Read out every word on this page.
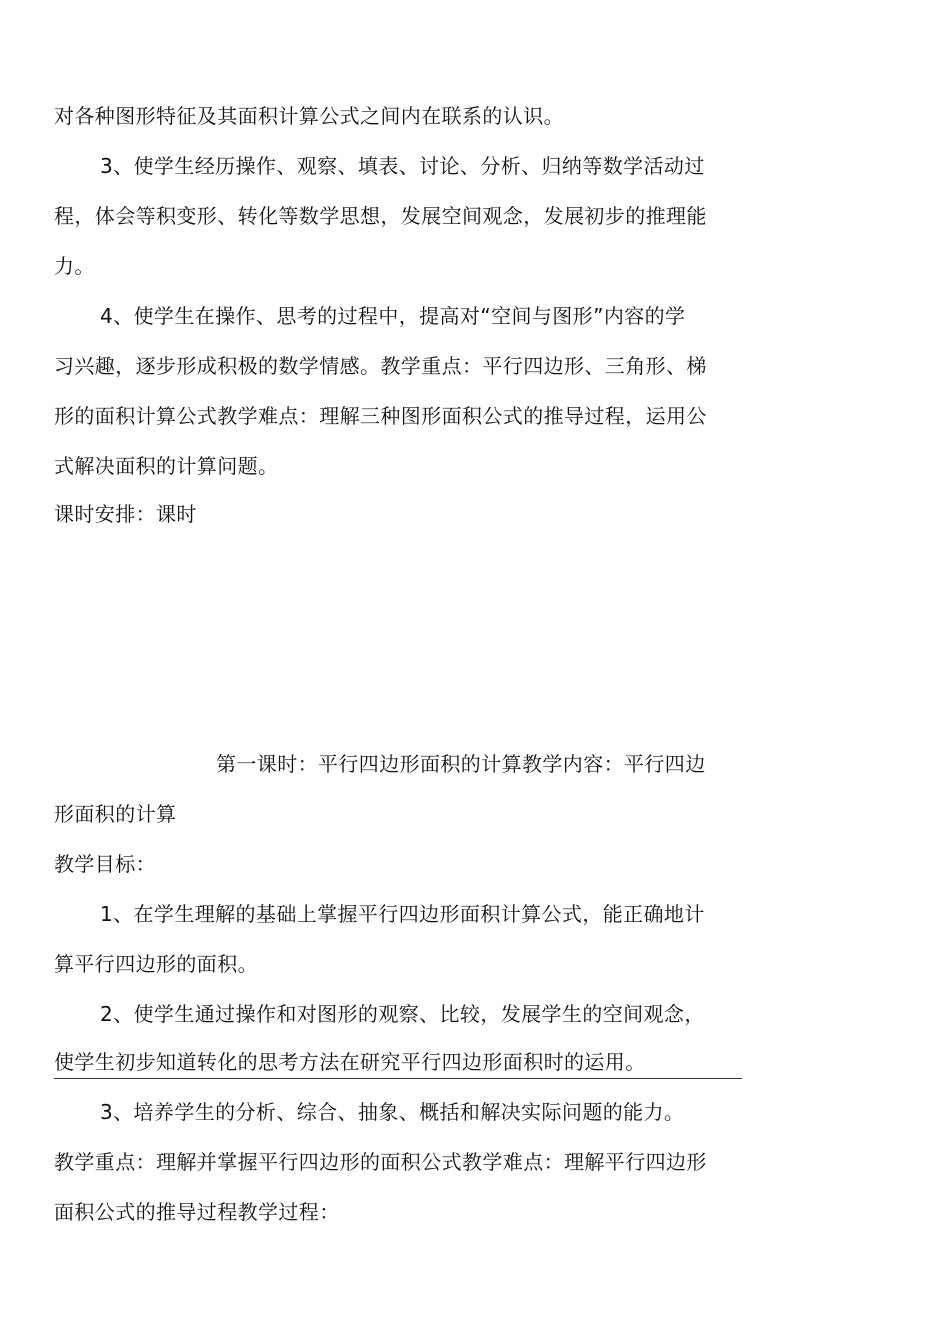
对各种图形特征及其面积计算公式之间内在联系的认识。
3、使学生经历操作、观察、填表、讨论、分析、归纳等数学活动过
程，体会等积变形、转化等数学思想，发展空间观念，发展初步的推理能
力。
4、使学生在操作、思考的过程中，提高对“空间与图形”内容的学
习兴趣，逐步形成积极的数学情感。教学重点：平行四边形、三角形、梯
形的面积计算公式教学难点：理解三种图形面积公式的推导过程，运用公
式解决面积的计算问题。
课时安排：课时
第一课时：平行四边形面积的计算教学内容：平行四边
形面积的计算
教学目标：
1、在学生理解的基础上掌握平行四边形面积计算公式，能正确地计
算平行四边形的面积。
2、使学生通过操作和对图形的观察、比较，发展学生的空间观念，
使学生初步知道转化的思考方法在研究平行四边形面积时的运用。
3、培养学生的分析、综合、抽象、概括和解决实际问题的能力。
教学重点：理解并掌握平行四边形的面积公式教学难点：理解平行四边形
面积公式的推导过程教学过程：
